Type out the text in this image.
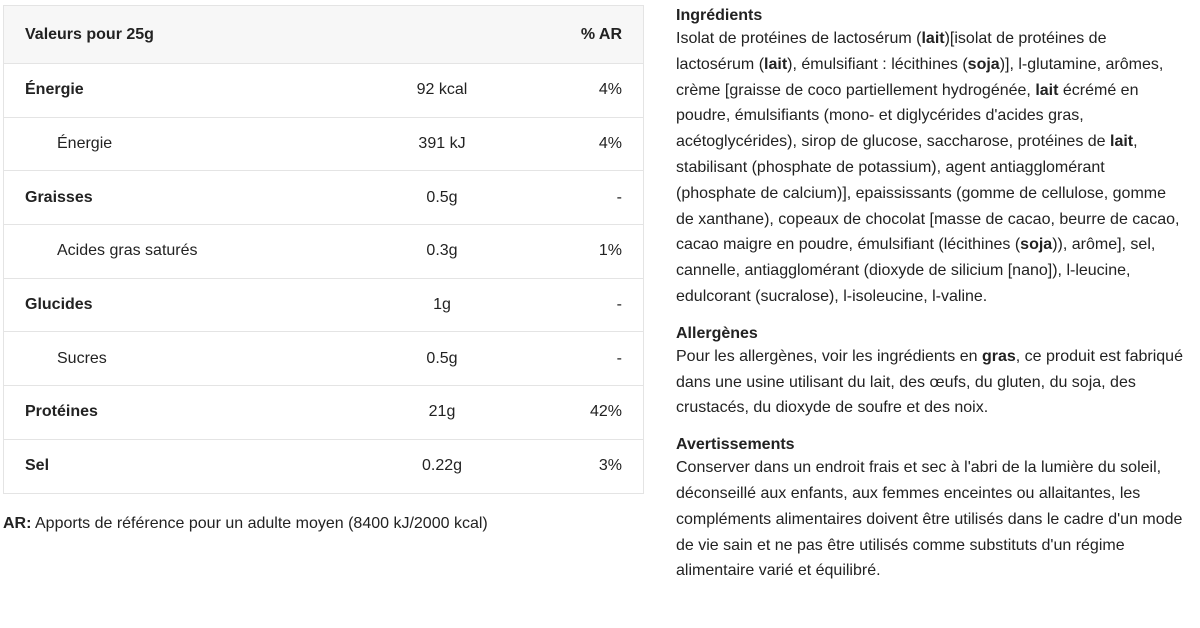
Valeurs pour 25g		% AR
Énergie	92 kcal	4%
Énergie	391 kJ	4%
Graisses	0.5g	-
Acides gras saturés	0.3g	1%
Glucides	1g	-
Sucres	0.5g	-
Protéines	21g	42%
Sel	0.22g	3%
AR: Apports de référence pour un adulte moyen (8400 kJ/2000 kcal)
Ingrédients

Isolat de protéines de lactosérum (lait)[isolat de protéines de lactosérum (lait), émulsifiant : lécithines (soja)], l-glutamine, arômes, crème [graisse de coco partiellement hydrogénée, lait écrémé en poudre, émulsifiants (mono- et diglycérides d'acides gras, acétoglycérides), sirop de glucose, saccharose, protéines de lait, stabilisant (phosphate de potassium), agent antiagglomérant (phosphate de calcium)], epaississants (gomme de cellulose, gomme de xanthane), copeaux de chocolat [masse de cacao, beurre de cacao, cacao maigre en poudre, émulsifiant (lécithines (soja)), arôme], sel, cannelle, antiagglomérant (dioxyde de silicium [nano]), l-leucine, edulcorant (sucralose), l-isoleucine, l-valine.

Allergènes

Pour les allergènes, voir les ingrédients en gras, ce produit est fabriqué dans une usine utilisant du lait, des œufs, du gluten, du soja, des crustacés, du dioxyde de soufre et des noix.

Avertissements

Conserver dans un endroit frais et sec à l'abri de la lumière du soleil, déconseillé aux enfants, aux femmes enceintes ou allaitantes, les compléments alimentaires doivent être utilisés dans le cadre d'un mode de vie sain et ne pas être utilisés comme substituts d'un régime alimentaire varié et équilibré.
